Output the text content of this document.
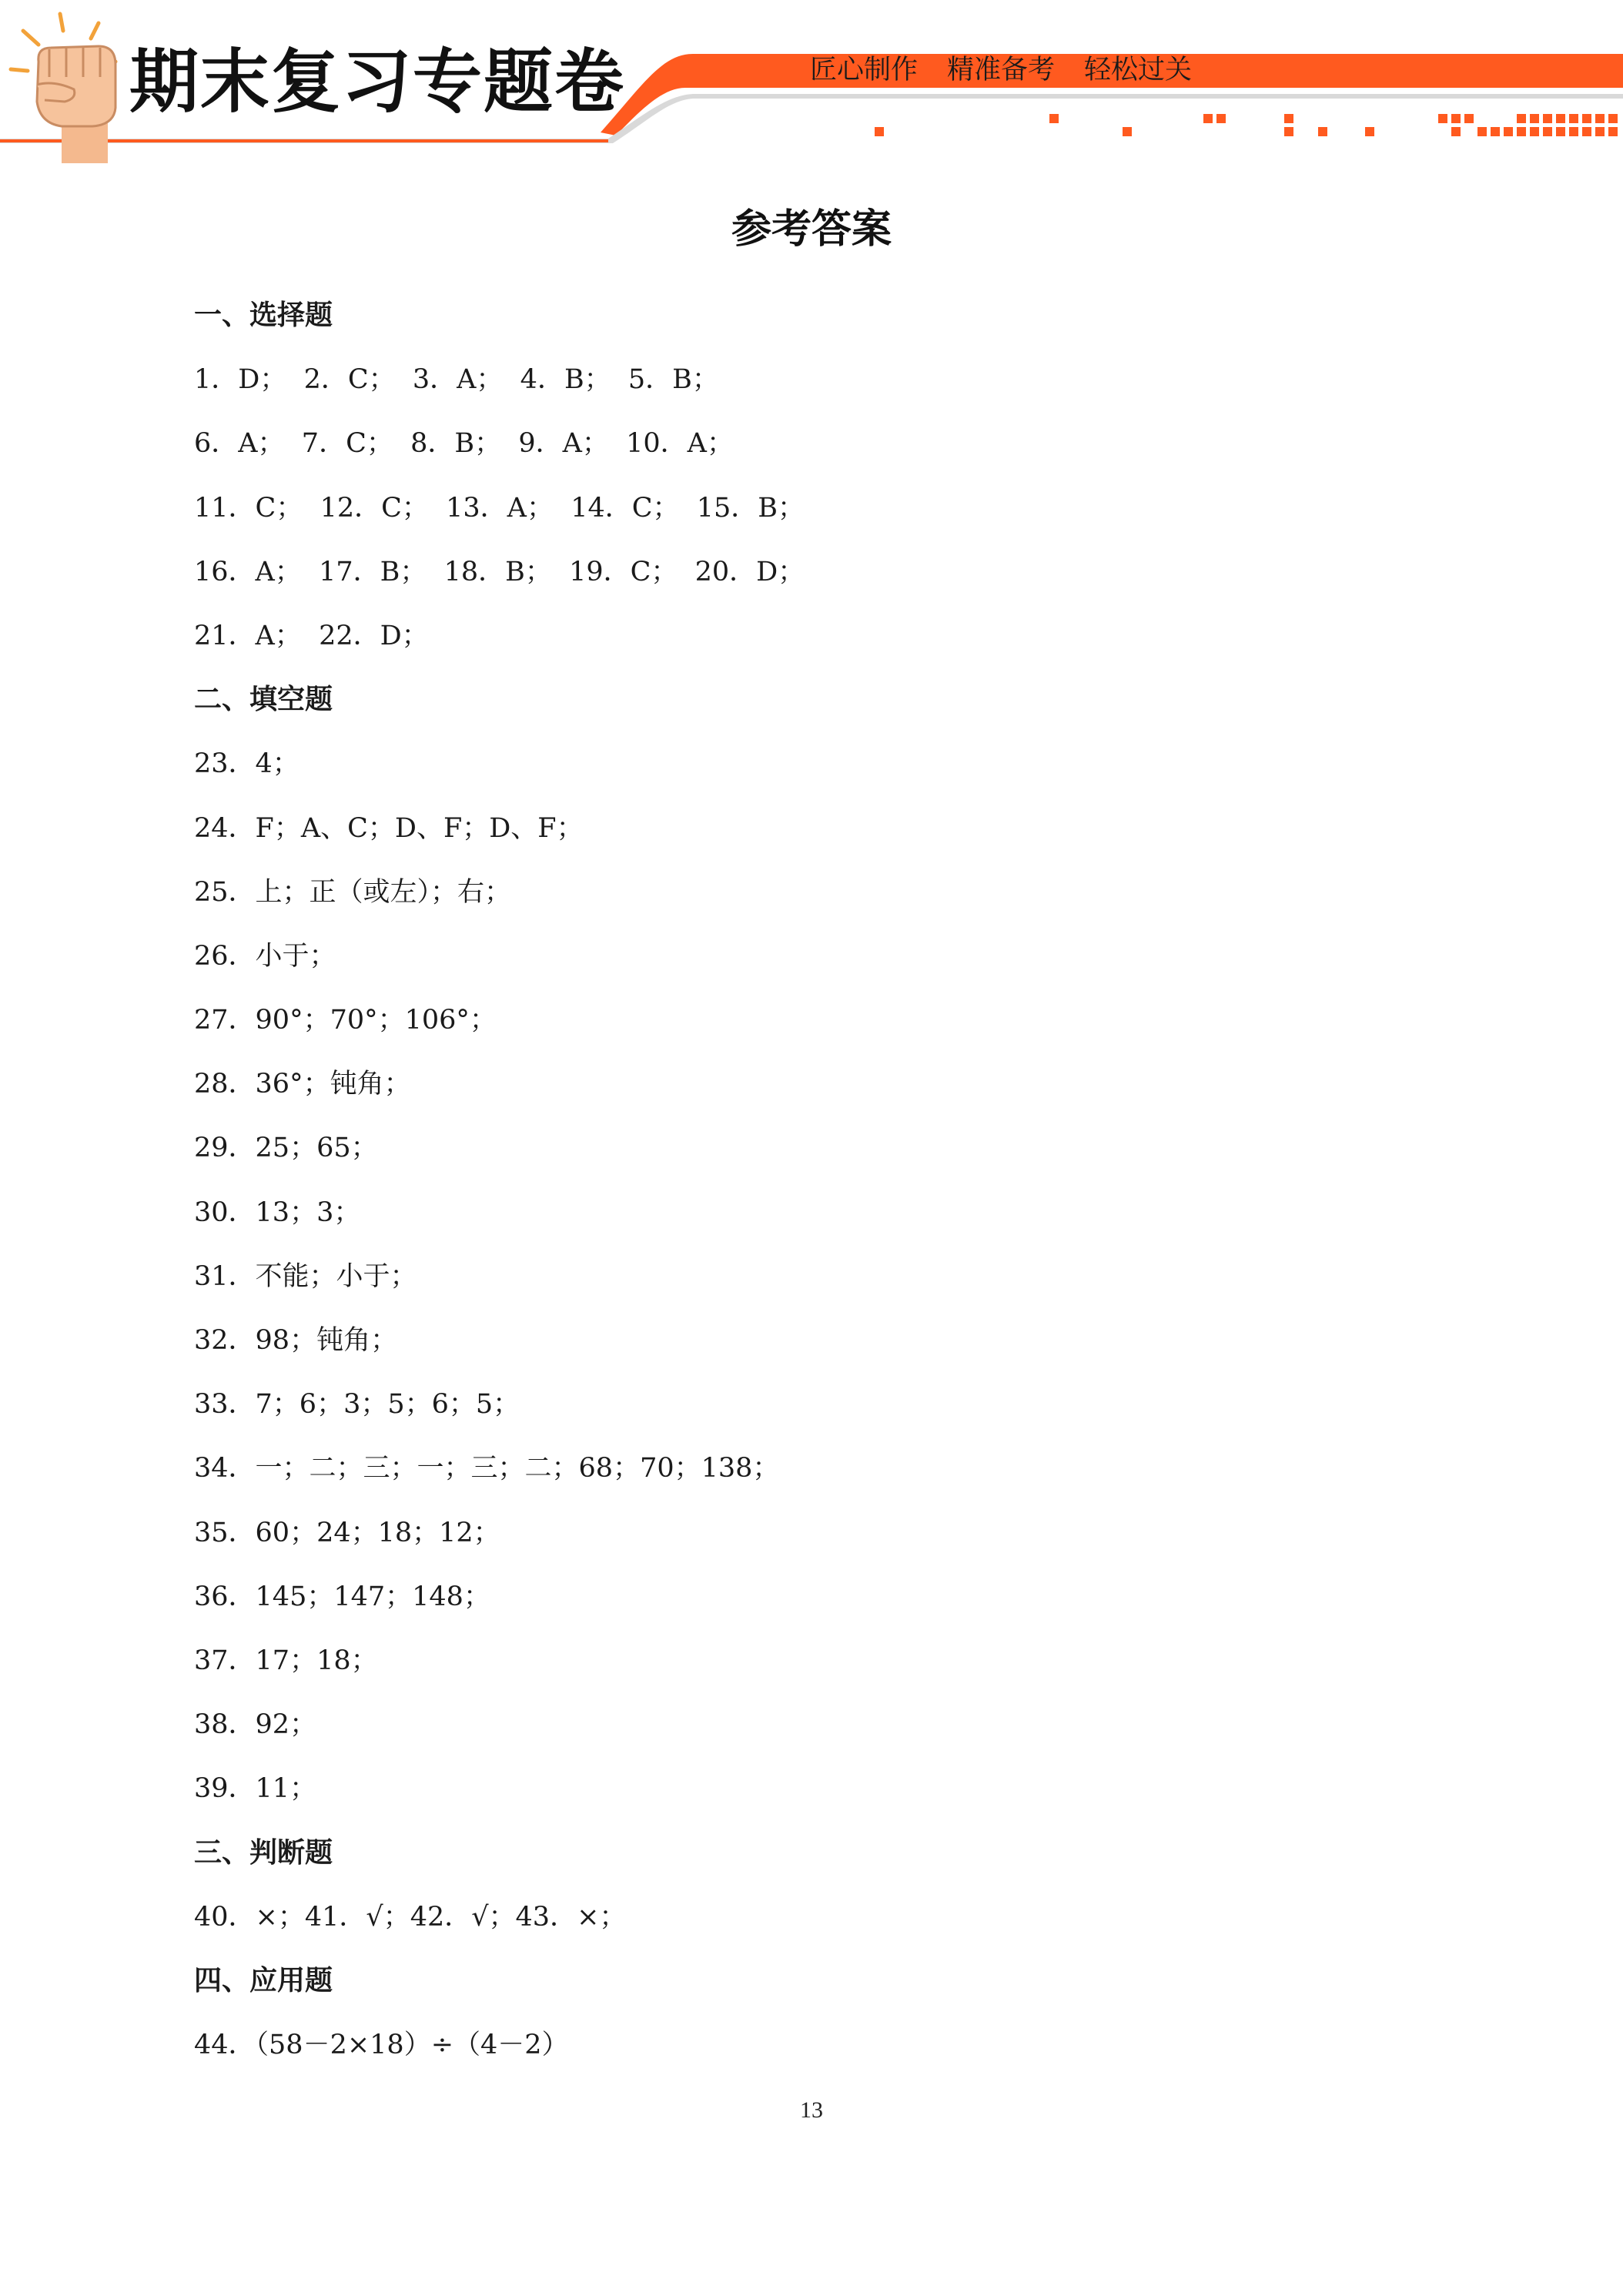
期末复习专题卷	匠心制作 精准备考 轻松过关
参考答案
一、选择题
1．D；  2．C；  3．A；  4．B；  5．B；
6．A；  7．C；  8．B；  9．A；  10．A；
11．C；  12．C；  13．A；  14．C；  15．B；
16．A；  17．B；  18．B；  19．C；  20．D；
21．A；  22．D；
二、填空题
23．4；
24．F；A、C；D、F；D、F；
25．上；正（或左）；右；
26．小于；
27．90°；70°；106°；
28．36°；钝角；
29．25；65；
30．13；3；
31．不能；小于；
32．98；钝角；
33．7；6；3；5；6；5；
34．一；二；三；一；三；二；68；70；138；
35．60；24；18；12；
36．145；147；148；
37．17；18；
38．92；
39．11；
三、判断题
40．×；41．√；42．√；43．×；
四、应用题
44．（58－2×18）÷（4－2）
13
